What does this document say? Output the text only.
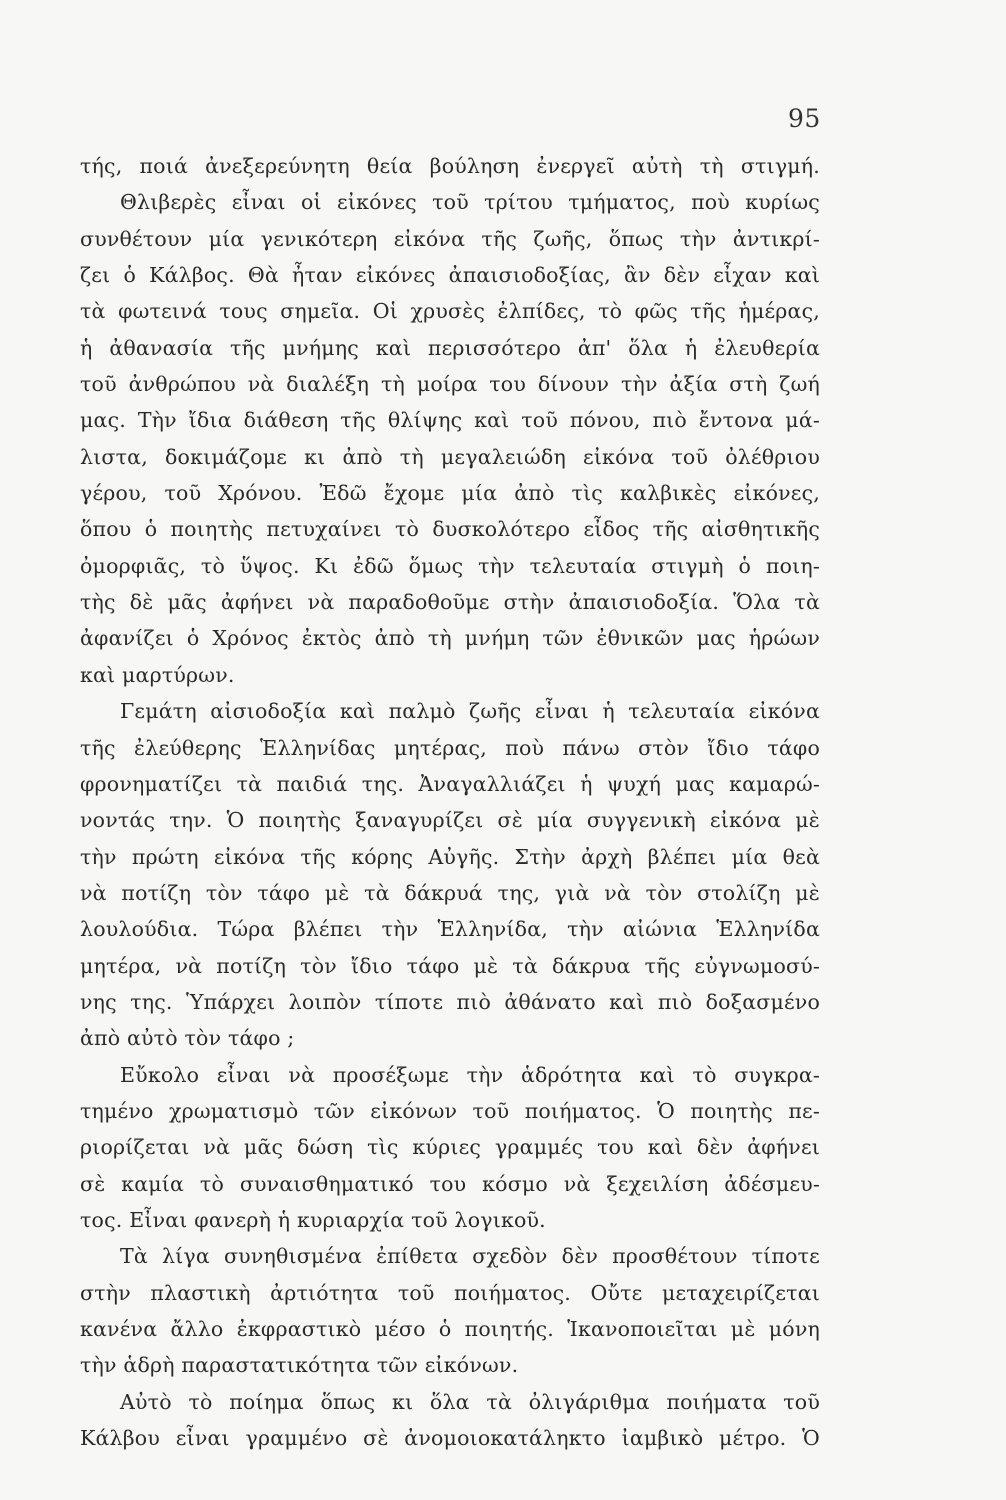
95
τής, ποιά ἀνεξερεύνητη θεία βούληση ἐνεργεῖ αὐτὴ τὴ στιγμή.
Θλιβερὲς εἶναι οἱ εἰκόνες τοῦ τρίτου τμήματος, ποὺ κυρίως
συνθέτουν μία γενικότερη εἰκόνα τῆς ζωῆς, ὅπως τὴν ἀντικρί-
ζει ὁ Κάλβος. Θὰ ἦταν εἰκόνες ἀπαισιοδοξίας, ἂν δὲν εἶχαν καὶ
τὰ φωτεινά τους σημεῖα. Οἱ χρυσὲς ἐλπίδες, τὸ φῶς τῆς ἡμέρας,
ἡ ἀθανασία τῆς μνήμης καὶ περισσότερο ἀπ' ὅλα ἡ ἐλευθερία
τοῦ ἀνθρώπου νὰ διαλέξη τὴ μοίρα του δίνουν τὴν ἀξία στὴ ζωή
μας. Τὴν ἴδια διάθεση τῆς θλίψης καὶ τοῦ πόνου, πιὸ ἔντονα μά-
λιστα, δοκιμάζομε κι ἀπὸ τὴ μεγαλειώδη εἰκόνα τοῦ ὀλέθριου
γέρου, τοῦ Χρόνου. Ἐδῶ ἔχομε μία ἀπὸ τὶς καλβικὲς εἰκόνες,
ὅπου ὁ ποιητὴς πετυχαίνει τὸ δυσκολότερο εἶδος τῆς αἰσθητικῆς
ὀμορφιᾶς, τὸ ὕψος. Κι ἐδῶ ὅμως τὴν τελευταία στιγμὴ ὁ ποιη-
τὴς δὲ μᾶς ἀφήνει νὰ παραδοθοῦμε στὴν ἀπαισιοδοξία. Ὅλα τὰ
ἀφανίζει ὁ Χρόνος ἐκτὸς ἀπὸ τὴ μνήμη τῶν ἐθνικῶν μας ἡρώων
καὶ μαρτύρων.
Γεμάτη αἰσιοδοξία καὶ παλμὸ ζωῆς εἶναι ἡ τελευταία εἰκόνα
τῆς ἐλεύθερης Ἑλληνίδας μητέρας, ποὺ πάνω στὸν ἴδιο τάφο
φρονηματίζει τὰ παιδιά της. Ἀναγαλλιάζει ἡ ψυχή μας καμαρώ-
νοντάς την. Ὁ ποιητὴς ξαναγυρίζει σὲ μία συγγενικὴ εἰκόνα μὲ
τὴν πρώτη εἰκόνα τῆς κόρης Αὐγῆς. Στὴν ἀρχὴ βλέπει μία θεὰ
νὰ ποτίζη τὸν τάφο μὲ τὰ δάκρυά της, γιὰ νὰ τὸν στολίζη μὲ
λουλούδια. Τώρα βλέπει τὴν Ἑλληνίδα, τὴν αἰώνια Ἑλληνίδα
μητέρα, νὰ ποτίζη τὸν ἴδιο τάφο μὲ τὰ δάκρυα τῆς εὐγνωμοσύ-
νης της. Ὑπάρχει λοιπὸν τίποτε πιὸ ἀθάνατο καὶ πιὸ δοξασμένο
ἀπὸ αὐτὸ τὸν τάφο ;
Εὔκολο εἶναι νὰ προσέξωμε τὴν ἁδρότητα καὶ τὸ συγκρα-
τημένο χρωματισμὸ τῶν εἰκόνων τοῦ ποιήματος. Ὁ ποιητὴς πε-
ριορίζεται νὰ μᾶς δώση τὶς κύριες γραμμές του καὶ δὲν ἀφήνει
σὲ καμία τὸ συναισθηματικό του κόσμο νὰ ξεχειλίση ἀδέσμευ-
τος. Εἶναι φανερὴ ἡ κυριαρχία τοῦ λογικοῦ.
Τὰ λίγα συνηθισμένα ἐπίθετα σχεδὸν δὲν προσθέτουν τίποτε
στὴν πλαστικὴ ἀρτιότητα τοῦ ποιήματος. Οὔτε μεταχειρίζεται
κανένα ἄλλο ἐκφραστικὸ μέσο ὁ ποιητής. Ἱκανοποιεῖται μὲ μόνη
τὴν ἁδρὴ παραστατικότητα τῶν εἰκόνων.
Αὐτὸ τὸ ποίημα ὅπως κι ὅλα τὰ ὀλιγάριθμα ποιήματα τοῦ
Κάλβου εἶναι γραμμένο σὲ ἀνομοιοκατάληκτο ἰαμβικὸ μέτρο. Ὁ
